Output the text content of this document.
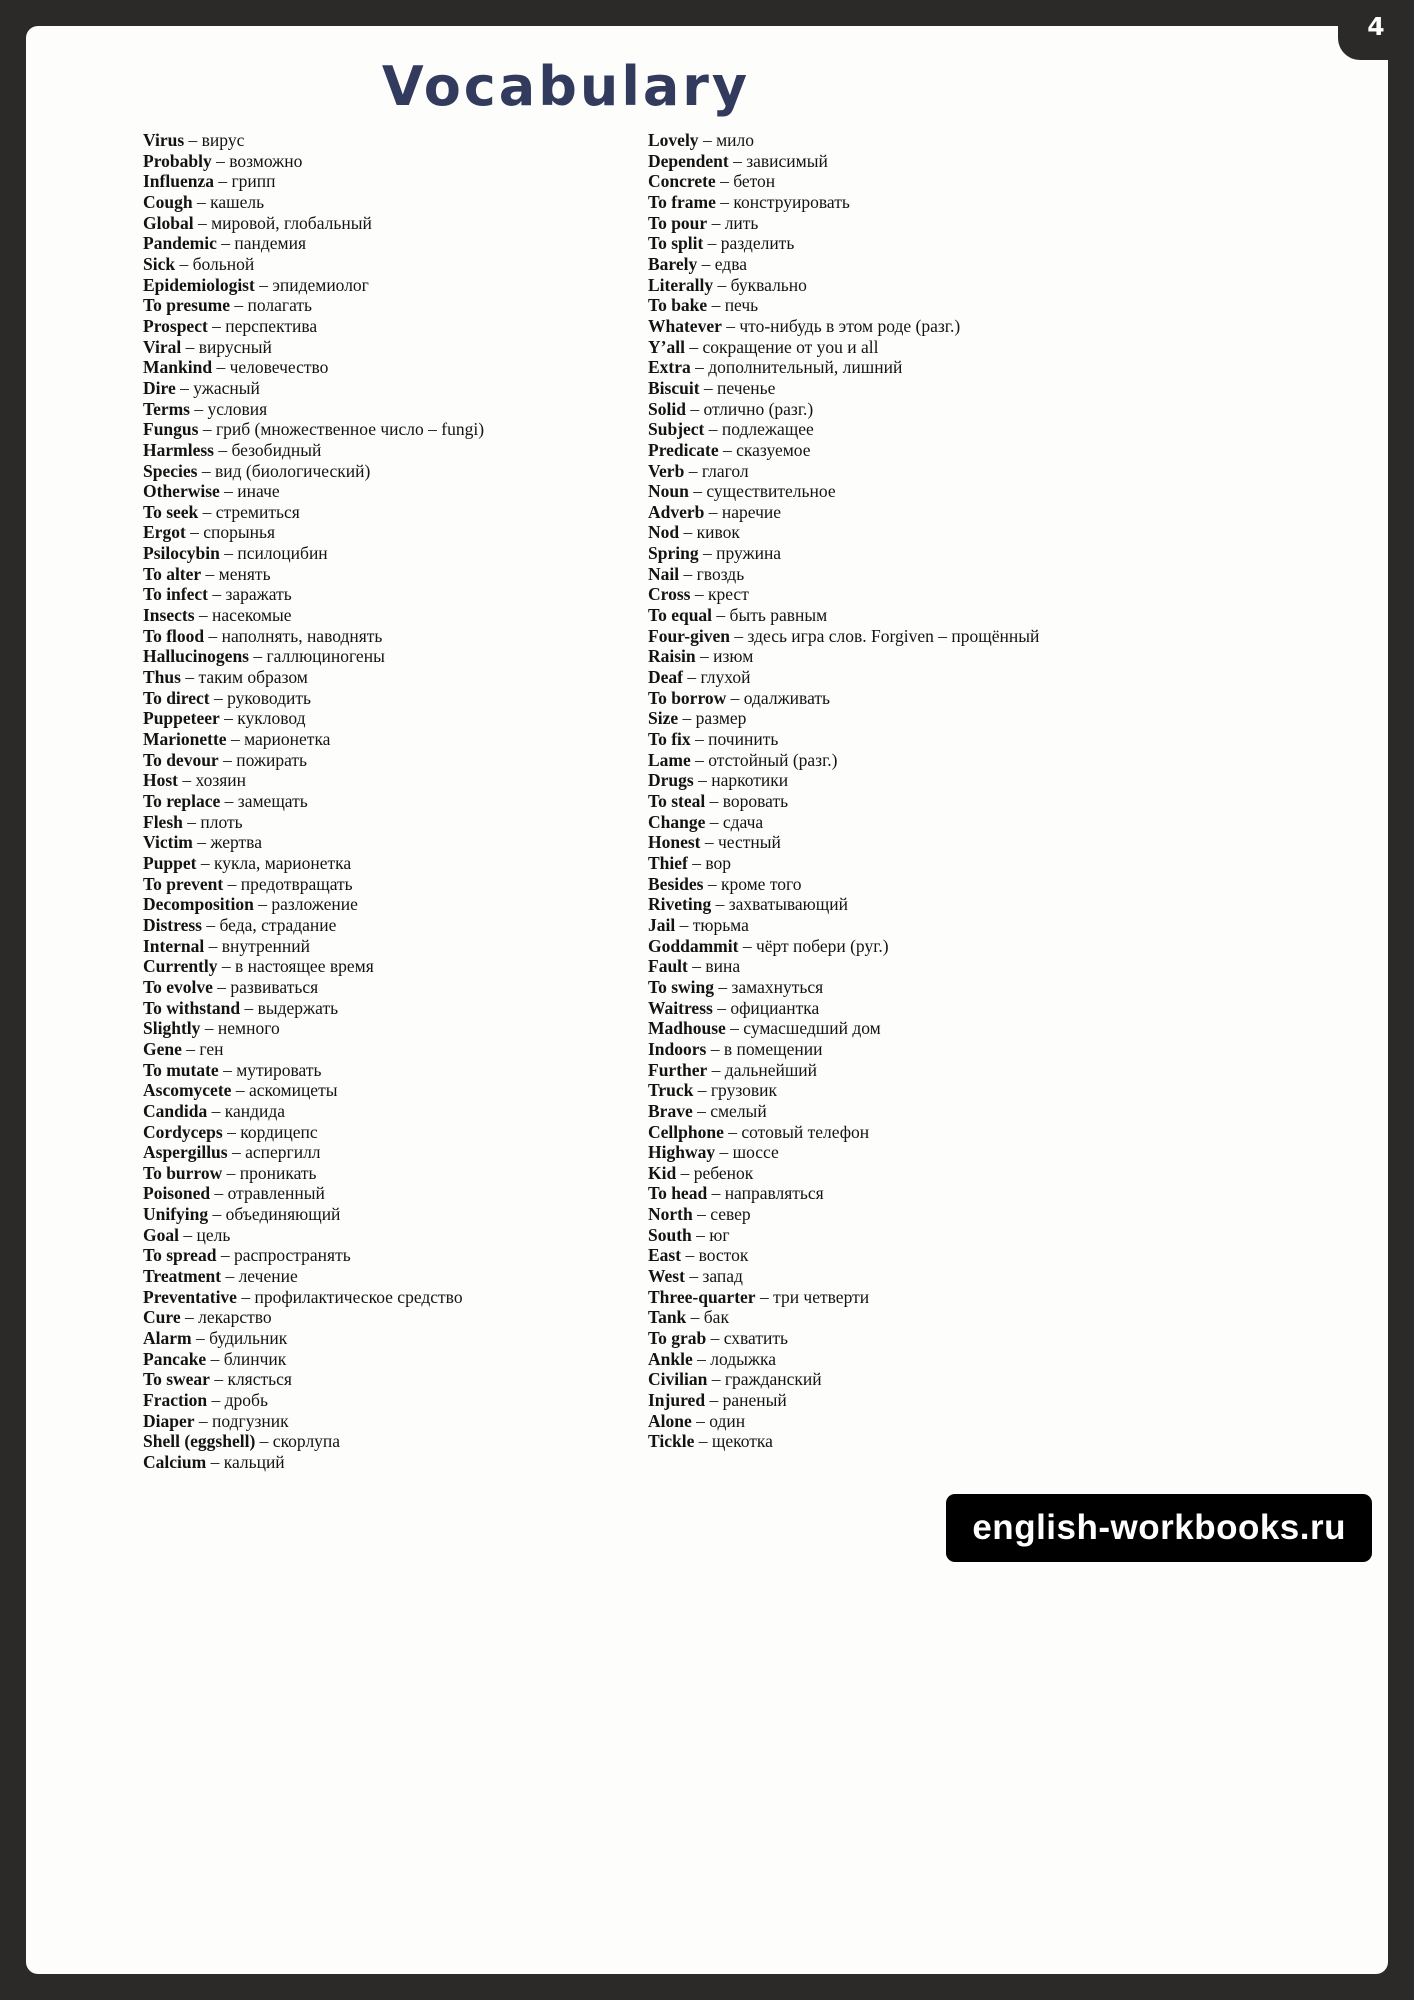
Vocabulary
Virus – вирус
Probably – возможно
Influenza – грипп
Cough – кашель
Global – мировой, глобальный
Pandemic – пандемия
Sick – больной
Epidemiologist – эпидемиолог
To presume – полагать
Prospect – перспектива
Viral – вирусный
Mankind – человечество
Dire – ужасный
Terms – условия
Fungus – гриб (множественное число – fungi)
Harmless – безобидный
Species – вид (биологический)
Otherwise – иначе
To seek – стремиться
Ergot – спорынья
Psilocybin – псилоцибин
To alter – менять
To infect – заражать
Insects – насекомые
To flood – наполнять, наводнять
Hallucinogens – галлюциногены
Thus – таким образом
To direct – руководить
Puppeteer – кукловод
Marionette – марионетка
To devour – пожирать
Host – хозяин
To replace – замещать
Flesh – плоть
Victim – жертва
Puppet – кукла, марионетка
To prevent – предотвращать
Decomposition – разложение
Distress – беда, страдание
Internal – внутренний
Currently – в настоящее время
To evolve – развиваться
To withstand – выдержать
Slightly – немного
Gene – ген
To mutate – мутировать
Ascomycete – аскомицеты
Candida – кандида
Cordyceps – кордицепс
Aspergillus – аспергилл
To burrow – проникать
Poisoned – отравленный
Unifying – объединяющий
Goal – цель
To spread – распространять
Treatment – лечение
Preventative – профилактическое средство
Cure – лекарство
Alarm – будильник
Pancake – блинчик
To swear – клясться
Fraction – дробь
Diaper – подгузник
Shell (eggshell) – скорлупа
Calcium – кальций
Lovely – мило
Dependent – зависимый
Concrete – бетон
To frame – конструировать
To pour – лить
To split – разделить
Barely – едва
Literally – буквально
To bake – печь
Whatever – что-нибудь в этом роде (разг.)
Y’all – сокращение от you и all
Extra – дополнительный, лишний
Biscuit – печенье
Solid – отлично (разг.)
Subject – подлежащее
Predicate – сказуемое
Verb – глагол
Noun – существительное
Adverb – наречие
Nod – кивок
Spring – пружина
Nail – гвоздь
Cross – крест
To equal – быть равным
Four-given – здесь игра слов. Forgiven – прощённый
Raisin – изюм
Deaf – глухой
To borrow – одалживать
Size – размер
To fix – починить
Lame – отстойный (разг.)
Drugs – наркотики
To steal – воровать
Change – сдача
Honest – честный
Thief – вор
Besides – кроме того
Riveting – захватывающий
Jail – тюрьма
Goddammit – чёрт побери (руг.)
Fault – вина
To swing – замахнуться
Waitress – официантка
Madhouse – сумасшедший дом
Indoors – в помещении
Further – дальнейший
Truck – грузовик
Brave – смелый
Cellphone – сотовый телефон
Highway – шоссе
Kid – ребенок
To head – направляться
North – север
South – юг
East – восток
West – запад
Three-quarter – три четверти
Tank – бак
To grab – схватить
Ankle – лодыжка
Civilian – гражданский
Injured – раненый
Alone – один
Tickle – щекотка
english-workbooks.ru
4
